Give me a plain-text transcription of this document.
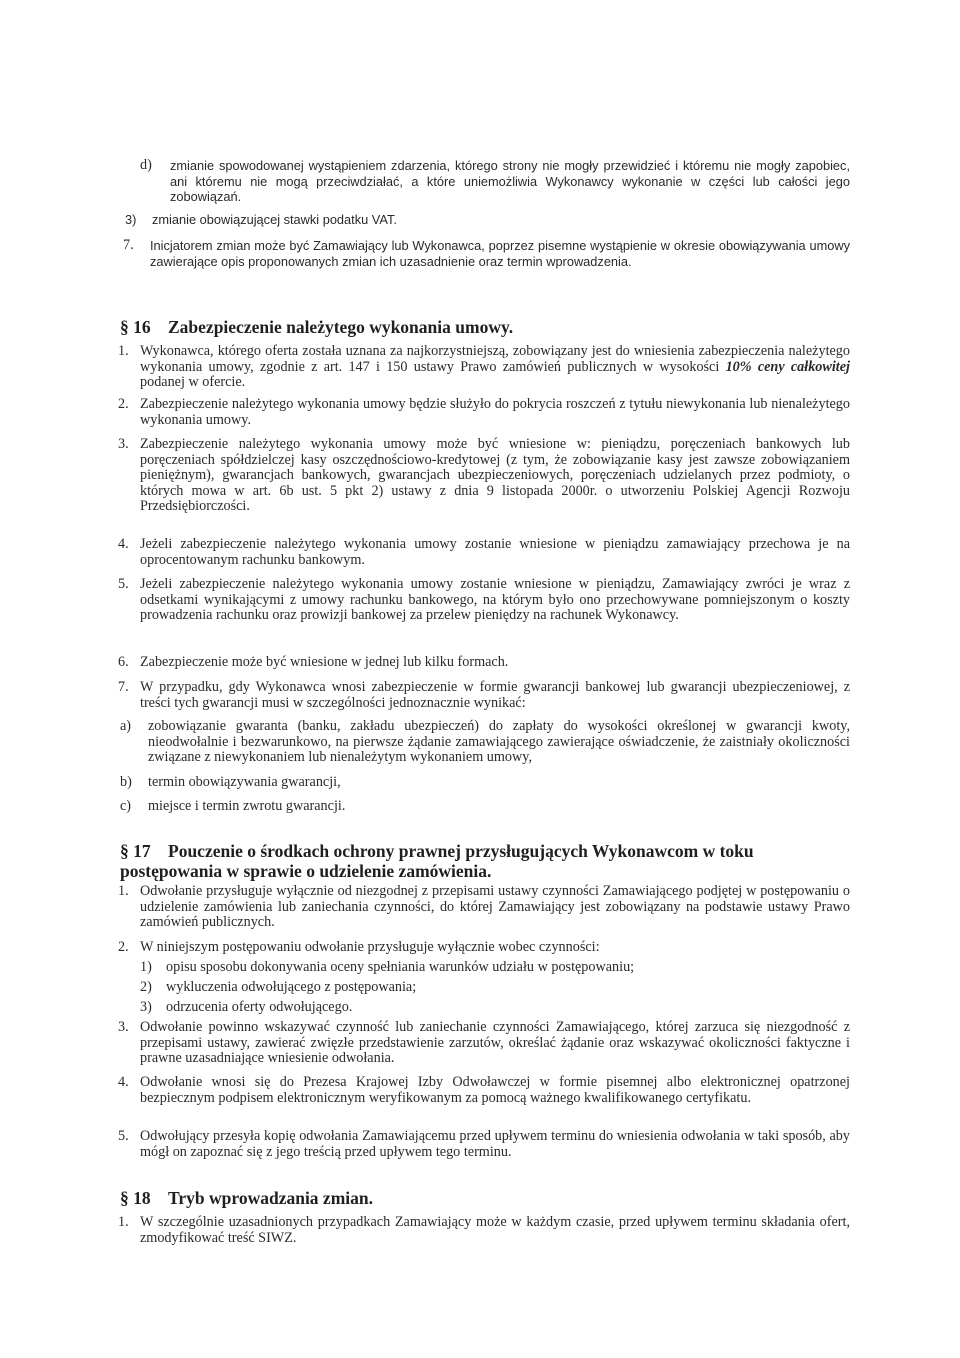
d) zmianie spowodowanej wystąpieniem zdarzenia, którego strony nie mogły przewidzieć i któremu nie mogły zapobiec, ani któremu nie mogą przeciwdziałać, a które uniemożliwia Wykonawcy wykonanie w części lub całości jego zobowiązań.
3) zmianie obowiązującej stawki podatku VAT.
7. Inicjatorem zmian może być Zamawiający lub Wykonawca, poprzez pisemne wystąpienie w okresie obowiązywania umowy zawierające opis proponowanych zmian ich uzasadnienie oraz termin wprowadzenia.
§ 16 Zabezpieczenie należytego wykonania umowy.
1. Wykonawca, którego oferta została uznana za najkorzystniejszą, zobowiązany jest do wniesienia zabezpieczenia należytego wykonania umowy, zgodnie z art. 147 i 150 ustawy Prawo zamówień publicznych w wysokości 10% ceny całkowitej podanej w ofercie.
2. Zabezpieczenie należytego wykonania umowy będzie służyło do pokrycia roszczeń z tytułu niewykonania lub nienależytego wykonania umowy.
3. Zabezpieczenie należytego wykonania umowy może być wniesione w: pieniądzu, poręczeniach bankowych lub poręczeniach spółdzielczej kasy oszczędnościowo-kredytowej (z tym, że zobowiązanie kasy jest zawsze zobowiązaniem pieniężnym), gwarancjach bankowych, gwarancjach ubezpieczeniowych, poręczeniach udzielanych przez podmioty, o których mowa w art. 6b ust. 5 pkt 2) ustawy z dnia 9 listopada 2000r. o utworzeniu Polskiej Agencji Rozwoju Przedsiębiorczości.
4. Jeżeli zabezpieczenie należytego wykonania umowy zostanie wniesione w pieniądzu zamawiający przechowa je na oprocentowanym rachunku bankowym.
5. Jeżeli zabezpieczenie należytego wykonania umowy zostanie wniesione w pieniądzu, Zamawiający zwróci je wraz z odsetkami wynikającymi z umowy rachunku bankowego, na którym było ono przechowywane pomniejszonym o koszty prowadzenia rachunku oraz prowizji bankowej za przelew pieniędzy na rachunek Wykonawcy.
6. Zabezpieczenie może być wniesione w jednej lub kilku formach.
7. W przypadku, gdy Wykonawca wnosi zabezpieczenie w formie gwarancji bankowej lub gwarancji ubezpieczeniowej, z treści tych gwarancji musi w szczególności jednoznacznie wynikać:
a) zobowiązanie gwaranta (banku, zakładu ubezpieczeń) do zapłaty do wysokości określonej w gwarancji kwoty, nieodwołalnie i bezwarunkowo, na pierwsze żądanie zamawiającego zawierające oświadczenie, że zaistniały okoliczności związane z niewykonaniem lub nienależytym wykonaniem umowy,
b) termin obowiązywania gwarancji,
c) miejsce i termin zwrotu gwarancji.
§ 17 Pouczenie o środkach ochrony prawnej przysługujących Wykonawcom w toku postępowania w sprawie o udzielenie zamówienia.
1. Odwołanie przysługuje wyłącznie od niezgodnej z przepisami ustawy czynności Zamawiającego podjętej w postępowaniu o udzielenie zamówienia lub zaniechania czynności, do której Zamawiający jest zobowiązany na podstawie ustawy Prawo zamówień publicznych.
2. W niniejszym postępowaniu odwołanie przysługuje wyłącznie wobec czynności:
1) opisu sposobu dokonywania oceny spełniania warunków udziału w postępowaniu;
2) wykluczenia odwołującego z postępowania;
3) odrzucenia oferty odwołującego.
3. Odwołanie powinno wskazywać czynność lub zaniechanie czynności Zamawiającego, której zarzuca się niezgodność z przepisami ustawy, zawierać zwięzłe przedstawienie zarzutów, określać żądanie oraz wskazywać okoliczności faktyczne i prawne uzasadniające wniesienie odwołania.
4. Odwołanie wnosi się do Prezesa Krajowej Izby Odwoławczej w formie pisemnej albo elektronicznej opatrzonej bezpiecznym podpisem elektronicznym weryfikowanym za pomocą ważnego kwalifikowanego certyfikatu.
5. Odwołujący przesyła kopię odwołania Zamawiającemu przed upływem terminu do wniesienia odwołania w taki sposób, aby mógł on zapoznać się z jego treścią przed upływem tego terminu.
§ 18 Tryb wprowadzania zmian.
1. W szczególnie uzasadnionych przypadkach Zamawiający może w każdym czasie, przed upływem terminu składania ofert, zmodyfikować treść SIWZ.
